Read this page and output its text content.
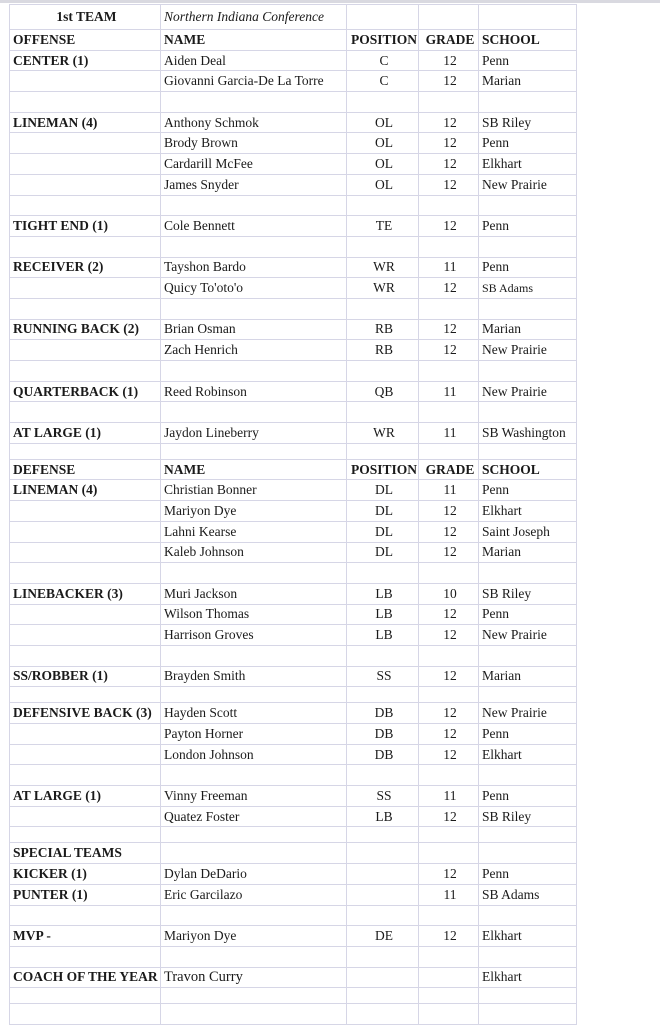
1st TEAM	Northern Indiana Conference			
OFFENSE	NAME	POSITION	GRADE	SCHOOL
CENTER (1)	Aiden Deal	C	12	Penn
	Giovanni Garcia-De La Torre	C	12	Marian

LINEMAN (4)	Anthony Schmok	OL	12	SB Riley
	Brody Brown	OL	12	Penn
	Cardarill McFee	OL	12	Elkhart
	James Snyder	OL	12	New Prairie

TIGHT END (1)	Cole Bennett	TE	12	Penn

RECEIVER (2)	Tayshon Bardo	WR	11	Penn
	Quicy To'oto'o	WR	12	SB Adams

RUNNING BACK (2)	Brian Osman	RB	12	Marian
	Zach Henrich	RB	12	New Prairie

QUARTERBACK (1)	Reed Robinson	QB	11	New Prairie

AT LARGE (1)	Jaydon Lineberry	WR	11	SB Washington

DEFENSE	NAME	POSITION	GRADE	SCHOOL
LINEMAN (4)	Christian Bonner	DL	11	Penn
	Mariyon Dye	DL	12	Elkhart
	Lahni Kearse	DL	12	Saint Joseph
	Kaleb Johnson	DL	12	Marian

LINEBACKER (3)	Muri Jackson	LB	10	SB Riley
	Wilson Thomas	LB	12	Penn
	Harrison Groves	LB	12	New Prairie

SS/ROBBER (1)	Brayden Smith	SS	12	Marian

DEFENSIVE BACK (3)	Hayden Scott	DB	12	New Prairie
	Payton Horner	DB	12	Penn
	London Johnson	DB	12	Elkhart

AT LARGE (1)	Vinny Freeman	SS	11	Penn
	Quatez Foster	LB	12	SB Riley

SPECIAL TEAMS				
KICKER (1)	Dylan DeDario		12	Penn
PUNTER (1)	Eric Garcilazo		11	SB Adams

MVP -	Mariyon Dye	DE	12	Elkhart

COACH OF THE YEAR	Travon Curry			Elkhart
